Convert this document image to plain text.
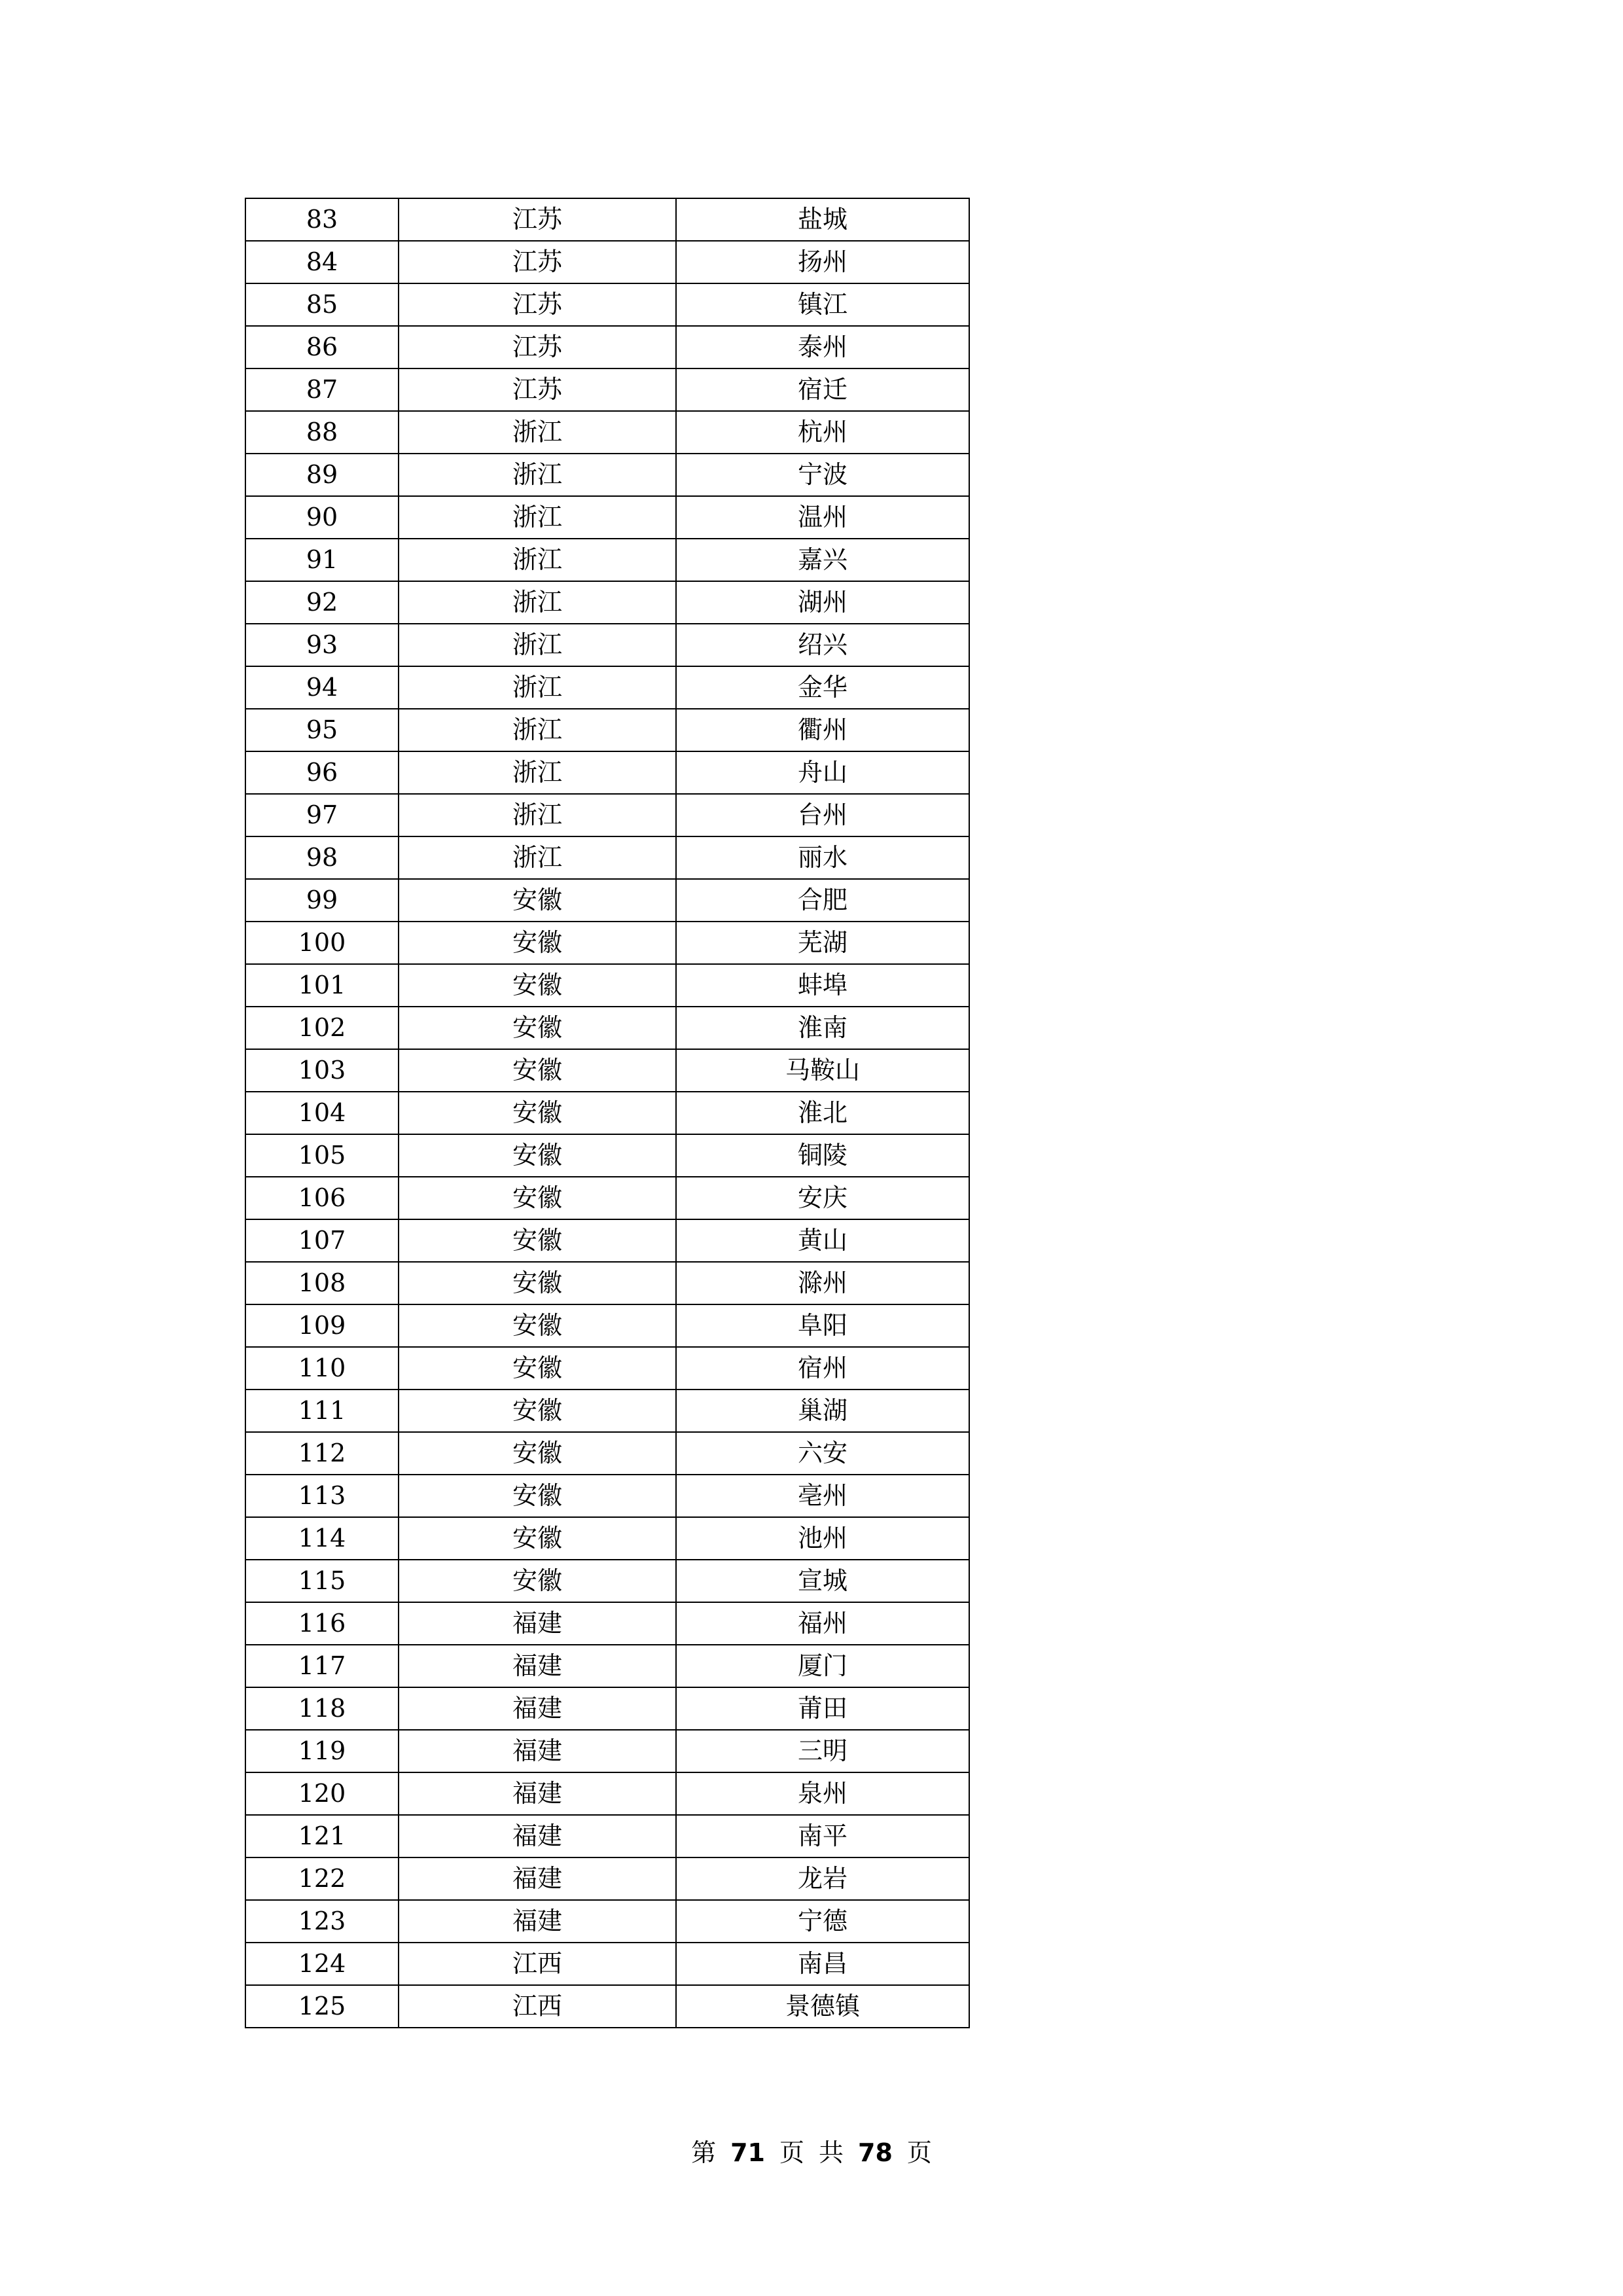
83	江苏	盐城
84	江苏	扬州
85	江苏	镇江
86	江苏	泰州
87	江苏	宿迁
88	浙江	杭州
89	浙江	宁波
90	浙江	温州
91	浙江	嘉兴
92	浙江	湖州
93	浙江	绍兴
94	浙江	金华
95	浙江	衢州
96	浙江	舟山
97	浙江	台州
98	浙江	丽水
99	安徽	合肥
100	安徽	芜湖
101	安徽	蚌埠
102	安徽	淮南
103	安徽	马鞍山
104	安徽	淮北
105	安徽	铜陵
106	安徽	安庆
107	安徽	黄山
108	安徽	滁州
109	安徽	阜阳
110	安徽	宿州
111	安徽	巢湖
112	安徽	六安
113	安徽	亳州
114	安徽	池州
115	安徽	宣城
116	福建	福州
117	福建	厦门
118	福建	莆田
119	福建	三明
120	福建	泉州
121	福建	南平
122	福建	龙岩
123	福建	宁德
124	江西	南昌
125	江西	景德镇
第 71 页 共 78 页
